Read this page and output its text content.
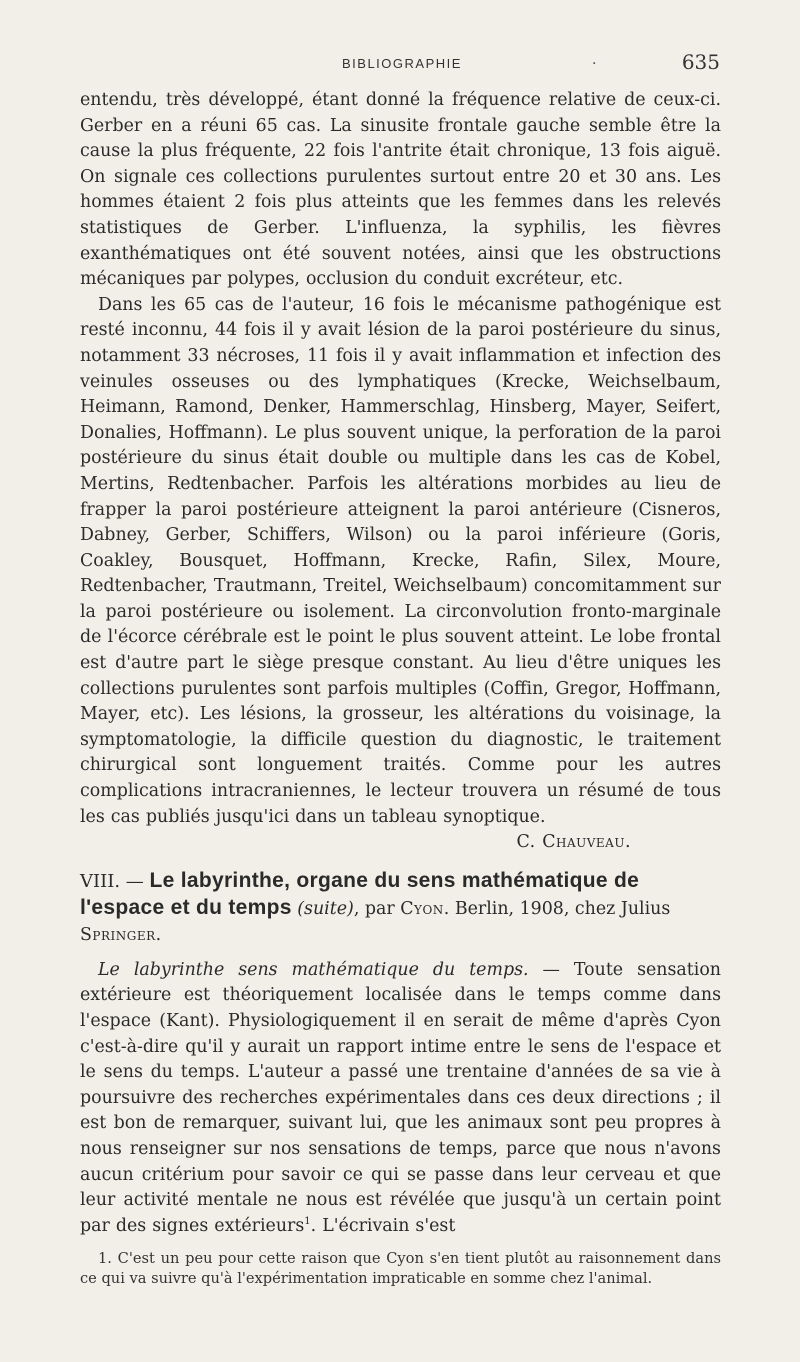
BIBLIOGRAPHIE	.	635

entendu, très développé, étant donné la fréquence relative de ceux-ci. Gerber en a réuni 65 cas. La sinusite frontale gauche semble être la cause la plus fréquente, 22 fois l'antrite était chronique, 13 fois aiguë. On signale ces collections purulentes surtout entre 20 et 30 ans. Les hommes étaient 2 fois plus atteints que les femmes dans les relevés statistiques de Gerber. L'influenza, la syphilis, les fièvres exanthématiques ont été souvent notées, ainsi que les obstructions mécaniques par polypes, occlusion du conduit excréteur, etc.

Dans les 65 cas de l'auteur, 16 fois le mécanisme pathogénique est resté inconnu, 44 fois il y avait lésion de la paroi postérieure du sinus, notamment 33 nécroses, 11 fois il y avait inflammation et infection des veinules osseuses ou des lymphatiques (Krecke, Weichselbaum, Heimann, Ramond, Denker, Hammerschlag, Hinsberg, Mayer, Seifert, Donalies, Hoffmann). Le plus souvent unique, la perforation de la paroi postérieure du sinus était double ou multiple dans les cas de Kobel, Mertins, Redtenbacher. Parfois les altérations morbides au lieu de frapper la paroi postérieure atteignent la paroi antérieure (Cisneros, Dabney, Gerber, Schiffers, Wilson) ou la paroi inférieure (Goris, Coakley, Bousquet, Hoffmann, Krecke, Rafin, Silex, Moure, Redtenbacher, Trautmann, Treitel, Weichselbaum) concomitamment sur la paroi postérieure ou isolement. La circonvolution fronto-marginale de l'écorce cérébrale est le point le plus souvent atteint. Le lobe frontal est d'autre part le siège presque constant. Au lieu d'être uniques les collections purulentes sont parfois multiples (Coffin, Gregor, Hoffmann, Mayer, etc). Les lésions, la grosseur, les altérations du voisinage, la symptomatologie, la difficile question du diagnostic, le traitement chirurgical sont longuement traités. Comme pour les autres complications intracraniennes, le lecteur trouvera un résumé de tous les cas publiés jusqu'ici dans un tableau synoptique.

C. Chauveau.

VIII. — Le labyrinthe, organe du sens mathématique de l'espace et du temps (suite), par Cyon. Berlin, 1908, chez Julius Springer.

Le labyrinthe sens mathématique du temps. — Toute sensation extérieure est théoriquement localisée dans le temps comme dans l'espace (Kant). Physiologiquement il en serait de même d'après Cyon c'est-à-dire qu'il y aurait un rapport intime entre le sens de l'espace et le sens du temps. L'auteur a passé une trentaine d'années de sa vie à poursuivre des recherches expérimentales dans ces deux directions ; il est bon de remarquer, suivant lui, que les animaux sont peu propres à nous renseigner sur nos sensations de temps, parce que nous n'avons aucun critérium pour savoir ce qui se passe dans leur cerveau et que leur activité mentale ne nous est révélée que jusqu'à un certain point par des signes extérieurs$^1$. L'écrivain s'est

1. C'est un peu pour cette raison que Cyon s'en tient plutôt au raisonnement dans ce qui va suivre qu'à l'expérimentation impraticable en somme chez l'animal.
